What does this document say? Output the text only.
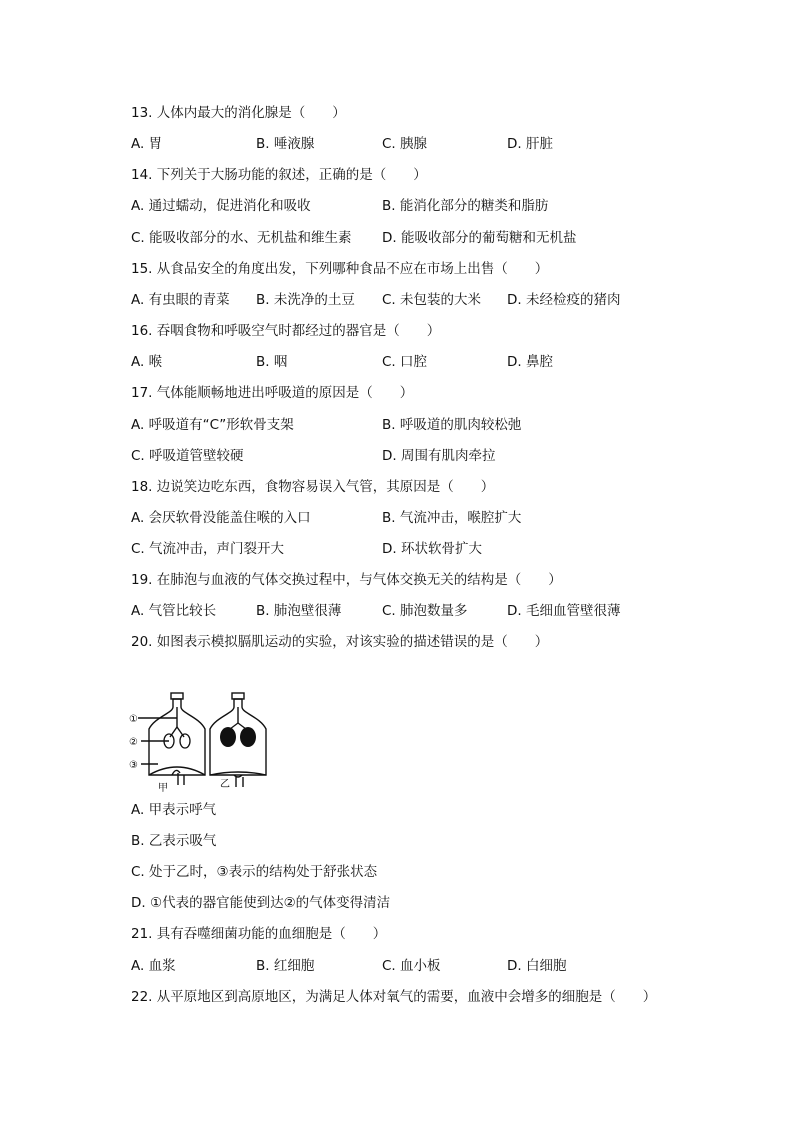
13. 人体内最大的消化腺是（　　）
A. 胃	B. 唾液腺	C. 胰腺	D. 肝脏
14. 下列关于大肠功能的叙述，正确的是（　　）
A. 通过蠕动，促进消化和吸收	B. 能消化部分的糖类和脂肪
C. 能吸收部分的水、无机盐和维生素 D. 能吸收部分的葡萄糖和无机盐
15. 从食品安全的角度出发，下列哪种食品不应在市场上出售（　　）
A. 有虫眼的青菜 B. 未洗净的土豆 C. 未包装的大米 D. 未经检疫的猪肉
16. 吞咽食物和呼吸空气时都经过的器官是（　　）
A. 喉	B. 咽	C. 口腔	D. 鼻腔
17. 气体能顺畅地进出呼吸道的原因是（　　）
A. 呼吸道有“C”形软骨支架	B. 呼吸道的肌肉较松弛
C. 呼吸道管壁较硬	D. 周围有肌肉牵拉
18. 边说笑边吃东西，食物容易误入气管，其原因是（　　）
A. 会厌软骨没能盖住喉的入口	B. 气流冲击，喉腔扩大
C. 气流冲击，声门裂开大	D. 环状软骨扩大
19. 在肺泡与血液的气体交换过程中，与气体交换无关的结构是（　　）
A. 气管比较长	B. 肺泡壁很薄	C. 肺泡数量多	D. 毛细血管壁很薄
20. 如图表示模拟膈肌运动的实验，对该实验的描述错误的是（　　）
①
②
③
甲	乙
A. 甲表示呼气
B. 乙表示吸气
C. 处于乙时，③表示的结构处于舒张状态
D. ①代表的器官能使到达②的气体变得清洁
21. 具有吞噬细菌功能的血细胞是（　　）
A. 血浆	B. 红细胞	C. 血小板	D. 白细胞
22. 从平原地区到高原地区，为满足人体对氧气的需要，血液中会增多的细胞是（　　）
